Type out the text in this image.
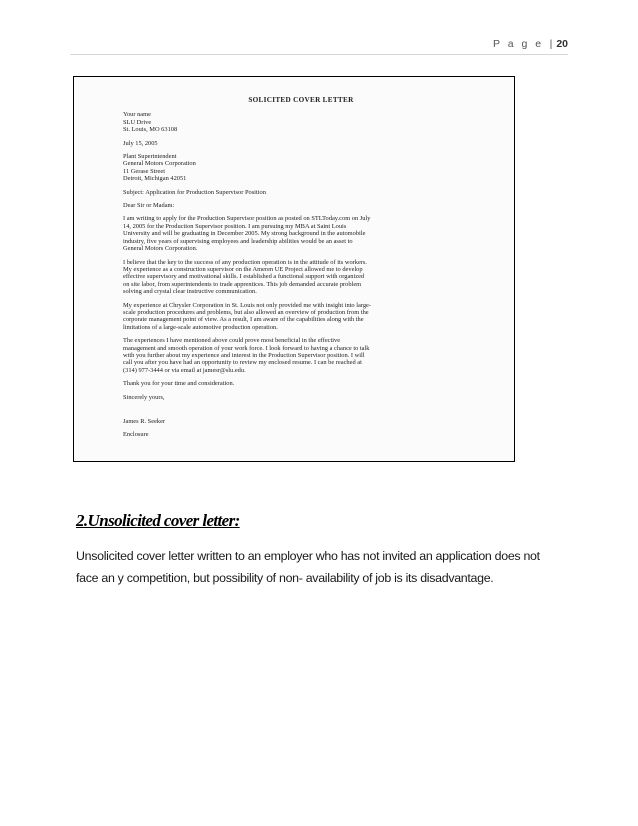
P a g e | 20
SOLICITED COVER LETTER
Your name
SLU Drive
St. Louis, MO 63108
July 15, 2005
Plant Superintendent
General Motors Corporation
11 Gerase Street
Detroit, Michigan 42051
Subject: Application for Production Supervisor Position
Dear Sir or Madam:
I am writing to apply for the Production Supervisor position as posted on STLToday.com on July
14, 2005 for the Production Supervisor position. I am pursuing my MBA at Saint Louis
University and will be graduating in December 2005. My strong background in the automobile
industry, five years of supervising employees and leadership abilities would be an asset to
General Motors Corporation.
I believe that the key to the success of any production operation is in the attitude of its workers.
My experience as a construction supervisor on the Ameren UE Project allowed me to develop
effective supervisory and motivational skills. I established a functional support with organized
on site labor, from superintendents to trade apprentices. This job demanded accurate problem
solving and crystal clear instructive communication.
My experience at Chrysler Corporation in St. Louis not only provided me with insight into large-
scale production procedures and problems, but also allowed an overview of production from the
corporate management point of view. As a result, I am aware of the capabilities along with the
limitations of a large-scale automotive production operation.
The experiences I have mentioned above could prove most beneficial in the effective
management and smooth operation of your work force. I look forward to having a chance to talk
with you further about my experience and interest in the Production Supervisor position. I will
call you after you have had an opportunity to review my enclosed resume. I can be reached at
(314) 977-3444 or via email at jamesr@slu.edu.
Thank you for your time and consideration.
Sincerely yours,
James R. Seeker
Enclosure
2.Unsolicited cover letter:

Unsolicited cover letter written to an employer who has not invited an application does not
face an y competition, but possibility of non- availability of job is its disadvantage.
